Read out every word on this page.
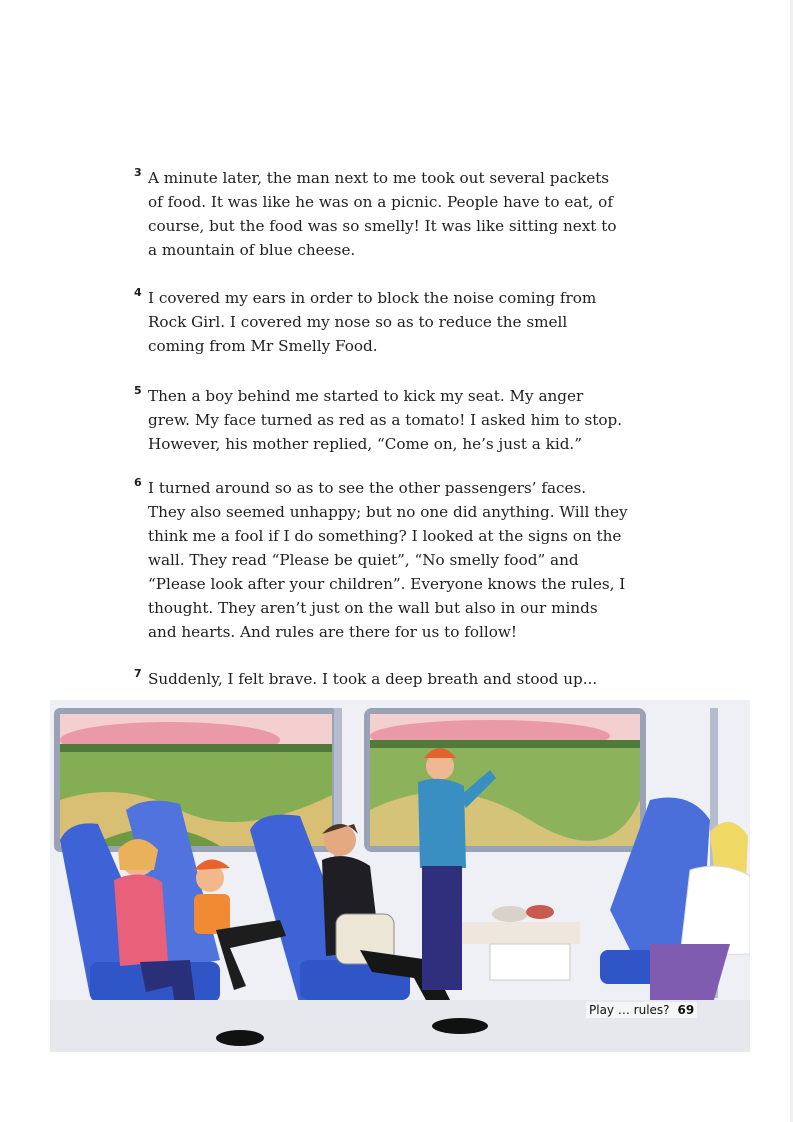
3 A minute later, the man next to me took out several packets of food. It was like he was on a picnic. People have to eat, of course, but the food was so smelly! It was like sitting next to a mountain of blue cheese.

4 I covered my ears in order to block the noise coming from Rock Girl. I covered my nose so as to reduce the smell coming from Mr Smelly Food.

5 Then a boy behind me started to kick my seat. My anger grew. My face turned as red as a tomato! I asked him to stop. However, his mother replied, “Come on, he’s just a kid.”

6 I turned around so as to see the other passengers’ faces. They also seemed unhappy; but no one did anything. Will they think me a fool if I do something? I looked at the signs on the wall. They read “Please be quiet”, “No smelly food” and “Please look after your children”. Everyone knows the rules, I thought. They aren’t just on the wall but also in our minds and hearts. And rules are there for us to follow!

7 Suddenly, I felt brave. I took a deep breath and stood up...

Play … rules? 69
